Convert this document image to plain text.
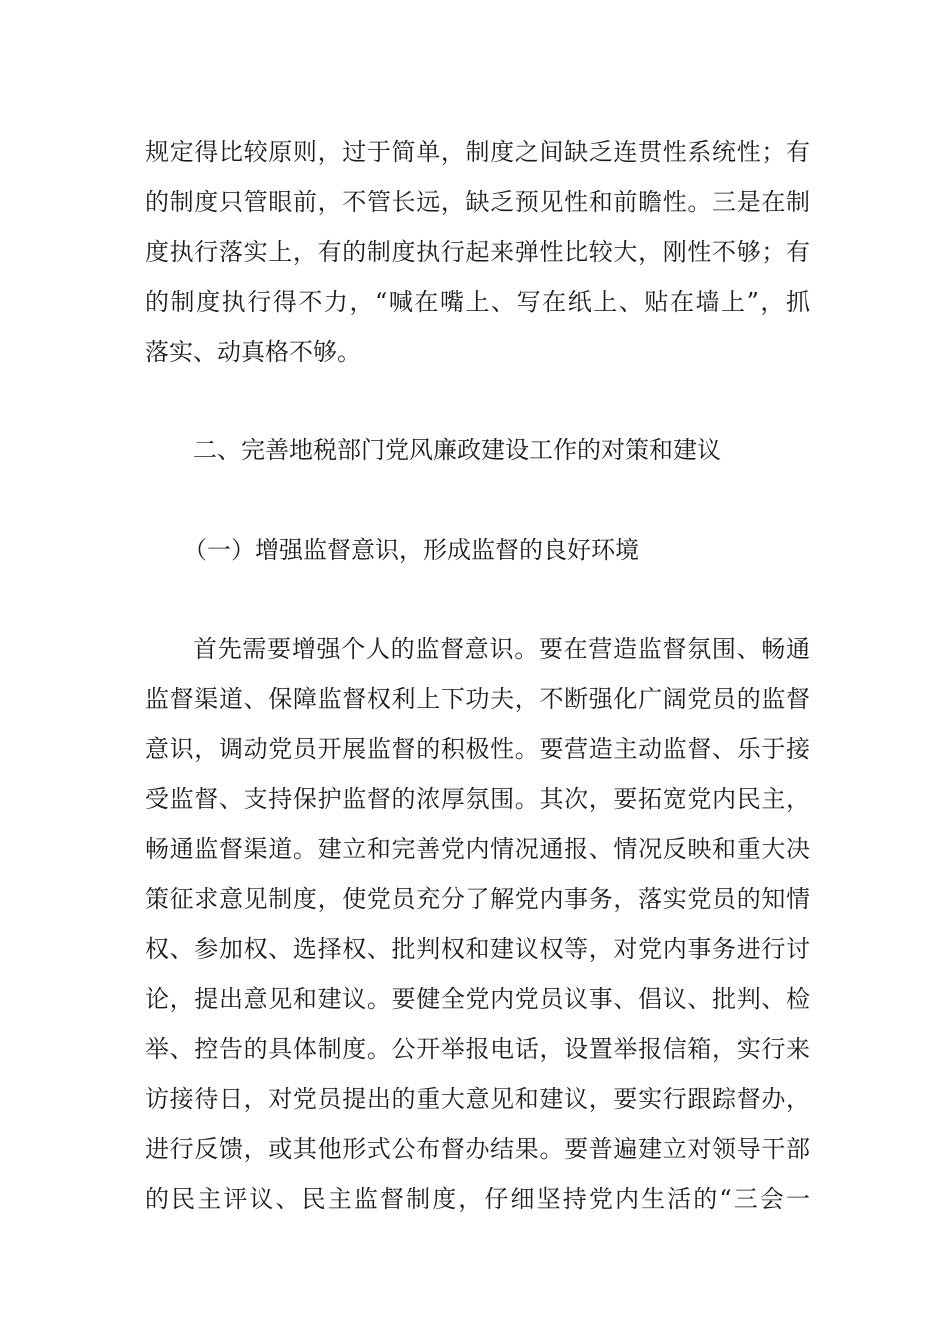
规定得比较原则，过于简单，制度之间缺乏连贯性系统性；有
的制度只管眼前，不管长远，缺乏预见性和前瞻性。三是在制
度执行落实上，有的制度执行起来弹性比较大，刚性不够；有
的制度执行得不力，“喊在嘴上、写在纸上、贴在墙上”，抓
落实、动真格不够。
二、完善地税部门党风廉政建设工作的对策和建议
（一）增强监督意识，形成监督的良好环境
首先需要增强个人的监督意识。要在营造监督氛围、畅通
监督渠道、保障监督权利上下功夫，不断强化广阔党员的监督
意识，调动党员开展监督的积极性。要营造主动监督、乐于接
受监督、支持保护监督的浓厚氛围。其次，要拓宽党内民主，
畅通监督渠道。建立和完善党内情况通报、情况反映和重大决
策征求意见制度，使党员充分了解党内事务，落实党员的知情
权、参加权、选择权、批判权和建议权等，对党内事务进行讨
论，提出意见和建议。要健全党内党员议事、倡议、批判、检
举、控告的具体制度。公开举报电话，设置举报信箱，实行来
访接待日，对党员提出的重大意见和建议，要实行跟踪督办，
进行反馈，或其他形式公布督办结果。要普遍建立对领导干部
的民主评议、民主监督制度，仔细坚持党内生活的“三会一
